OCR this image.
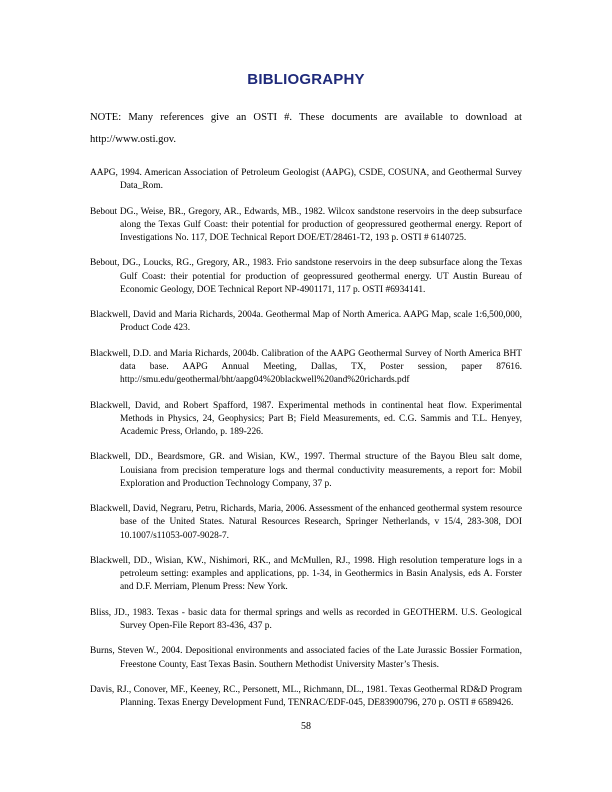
BIBLIOGRAPHY
NOTE: Many references give an OSTI #. These documents are available to download at http://www.osti.gov.

AAPG, 1994. American Association of Petroleum Geologist (AAPG), CSDE, COSUNA, and Geothermal Survey Data_Rom.

Bebout DG., Weise, BR., Gregory, AR., Edwards, MB., 1982. Wilcox sandstone reservoirs in the deep subsurface along the Texas Gulf Coast: their potential for production of geopressured geothermal energy. Report of Investigations No. 117, DOE Technical Report DOE/ET/28461-T2, 193 p. OSTI # 6140725.

Bebout, DG., Loucks, RG., Gregory, AR., 1983. Frio sandstone reservoirs in the deep subsurface along the Texas Gulf Coast: their potential for production of geopressured geothermal energy. UT Austin Bureau of Economic Geology, DOE Technical Report NP-4901171, 117 p. OSTI #6934141.

Blackwell, David and Maria Richards, 2004a. Geothermal Map of North America. AAPG Map, scale 1:6,500,000, Product Code 423.

Blackwell, D.D. and Maria Richards, 2004b. Calibration of the AAPG Geothermal Survey of North America BHT data base. AAPG Annual Meeting, Dallas, TX, Poster session, paper 87616. http://smu.edu/geothermal/bht/aapg04%20blackwell%20and%20richards.pdf

Blackwell, David, and Robert Spafford, 1987. Experimental methods in continental heat flow. Experimental Methods in Physics, 24, Geophysics; Part B; Field Measurements, ed. C.G. Sammis and T.L. Henyey, Academic Press, Orlando, p. 189-226.

Blackwell, DD., Beardsmore, GR. and Wisian, KW., 1997. Thermal structure of the Bayou Bleu salt dome, Louisiana from precision temperature logs and thermal conductivity measurements, a report for: Mobil Exploration and Production Technology Company, 37 p.

Blackwell, David, Negraru, Petru, Richards, Maria, 2006. Assessment of the enhanced geothermal system resource base of the United States. Natural Resources Research, Springer Netherlands, v 15/4, 283-308, DOI 10.1007/s11053-007-9028-7.

Blackwell, DD., Wisian, KW., Nishimori, RK., and McMullen, RJ., 1998. High resolution temperature logs in a petroleum setting: examples and applications, pp. 1-34, in Geothermics in Basin Analysis, eds A. Forster and D.F. Merriam, Plenum Press: New York.

Bliss, JD., 1983. Texas - basic data for thermal springs and wells as recorded in GEOTHERM. U.S. Geological Survey Open-File Report 83-436, 437 p.

Burns, Steven W., 2004. Depositional environments and associated facies of the Late Jurassic Bossier Formation, Freestone County, East Texas Basin. Southern Methodist University Master’s Thesis.

Davis, RJ., Conover, MF., Keeney, RC., Personett, ML., Richmann, DL., 1981. Texas Geothermal RD&D Program Planning. Texas Energy Development Fund, TENRAC/EDF-045, DE83900796, 270 p. OSTI # 6589426.

58
